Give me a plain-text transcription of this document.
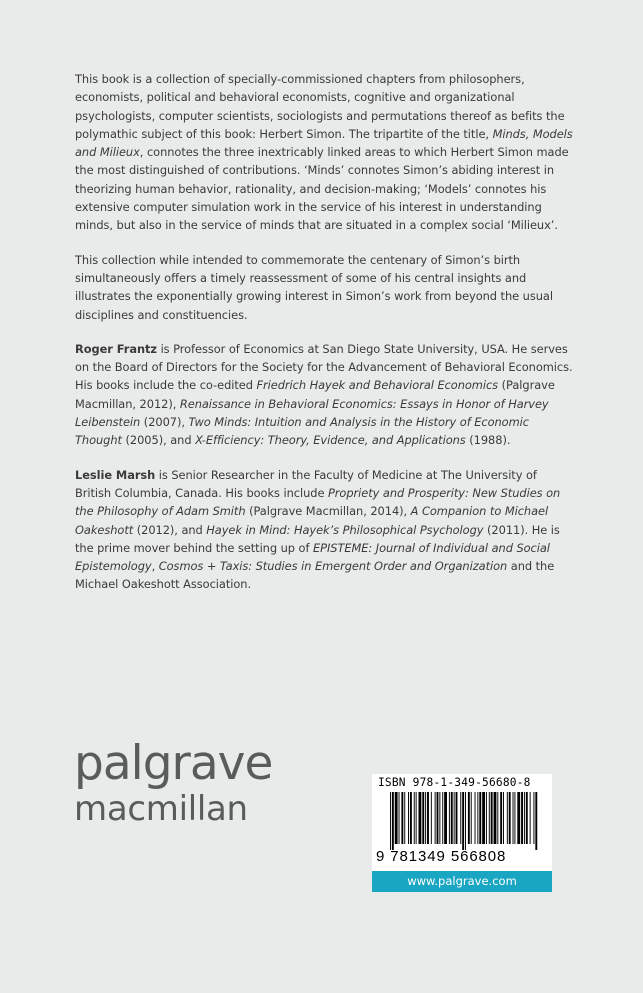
This book is a collection of specially-commissioned chapters from philosophers, economists, political and behavioral economists, cognitive and organizational psychologists, computer scientists, sociologists and permutations thereof as befits the polymathic subject of this book: Herbert Simon. The tripartite of the title, Minds, Models and Milieux, connotes the three inextricably linked areas to which Herbert Simon made the most distinguished of contributions. ‘Minds’ connotes Simon’s abiding interest in theorizing human behavior, rationality, and decision-making; ‘Models’ connotes his extensive computer simulation work in the service of his interest in understanding minds, but also in the service of minds that are situated in a complex social ‘Milieux’.

This collection while intended to commemorate the centenary of Simon’s birth simultaneously offers a timely reassessment of some of his central insights and illustrates the exponentially growing interest in Simon’s work from beyond the usual disciplines and constituencies.

Roger Frantz is Professor of Economics at San Diego State University, USA. He serves on the Board of Directors for the Society for the Advancement of Behavioral Economics. His books include the co-edited Friedrich Hayek and Behavioral Economics (Palgrave Macmillan, 2012), Renaissance in Behavioral Economics: Essays in Honor of Harvey Leibenstein (2007), Two Minds: Intuition and Analysis in the History of Economic Thought (2005), and X-Efficiency: Theory, Evidence, and Applications (1988).

Leslie Marsh is Senior Researcher in the Faculty of Medicine at The University of British Columbia, Canada. His books include Propriety and Prosperity: New Studies on the Philosophy of Adam Smith (Palgrave Macmillan, 2014), A Companion to Michael Oakeshott (2012), and Hayek in Mind: Hayek’s Philosophical Psychology (2011). He is the prime mover behind the setting up of EPISTEME: Journal of Individual and Social Epistemology, Cosmos + Taxis: Studies in Emergent Order and Organization and the Michael Oakeshott Association.

palgrave
macmillan
ISBN 978-1-349-56680-8
9 781349 566808
www.palgrave.com
